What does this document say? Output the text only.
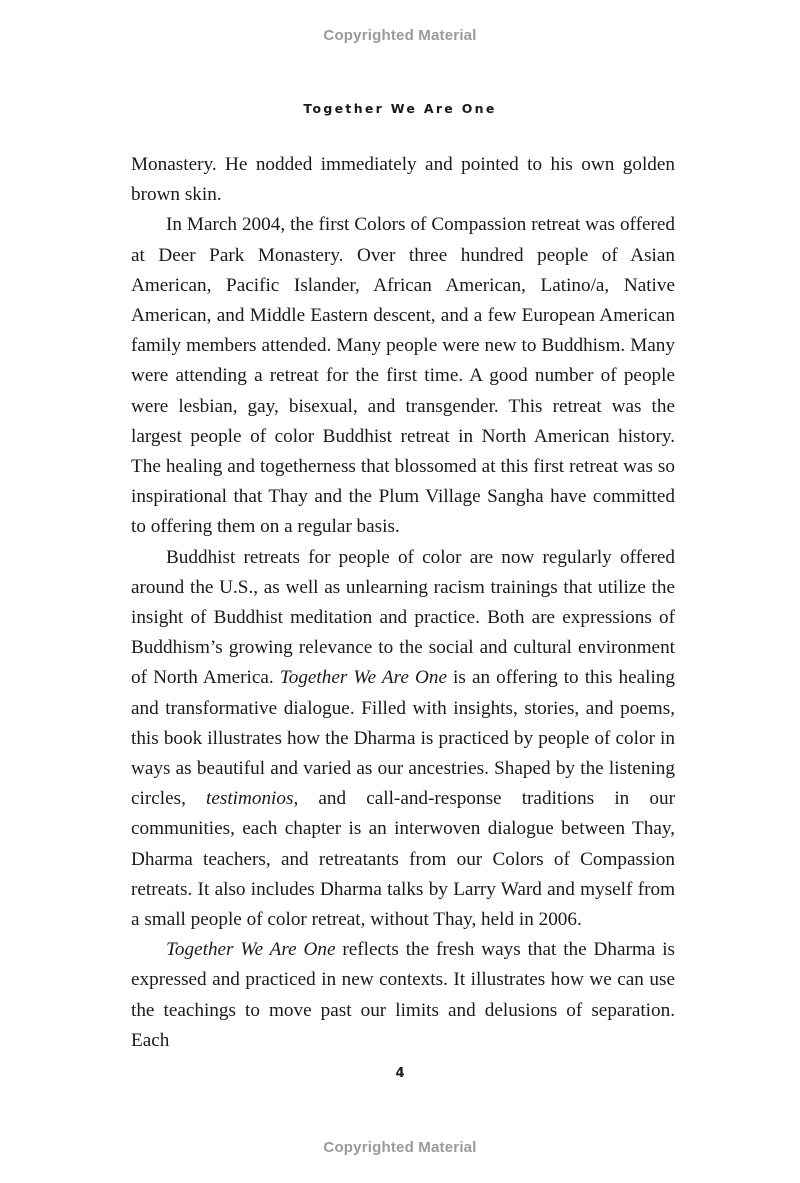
Copyrighted Material
Together We Are One

Monastery. He nodded immediately and pointed to his own golden brown skin.

In March 2004, the first Colors of Compassion retreat was offered at Deer Park Monastery. Over three hundred people of Asian American, Pacific Islander, African American, Latino/a, Native American, and Middle Eastern descent, and a few European American family members attended. Many people were new to Buddhism. Many were attending a retreat for the first time. A good number of people were lesbian, gay, bisexual, and transgender. This retreat was the largest people of color Buddhist retreat in North American history. The healing and togetherness that blossomed at this first retreat was so inspirational that Thay and the Plum Village Sangha have committed to offering them on a regular basis.

Buddhist retreats for people of color are now regularly offered around the U.S., as well as unlearning racism trainings that utilize the insight of Buddhist meditation and practice. Both are expressions of Buddhism’s growing relevance to the social and cultural environment of North America. Together We Are One is an offering to this healing and transformative dialogue. Filled with insights, stories, and poems, this book illustrates how the Dharma is practiced by people of color in ways as beautiful and varied as our ancestries. Shaped by the listening circles, testimonios, and call-and-response traditions in our communities, each chapter is an interwoven dialogue between Thay, Dharma teachers, and retreatants from our Colors of Compassion retreats. It also includes Dharma talks by Larry Ward and myself from a small people of color retreat, without Thay, held in 2006.

Together We Are One reflects the fresh ways that the Dharma is expressed and practiced in new contexts. It illustrates how we can use the teachings to move past our limits and delusions of separation. Each

4
Copyrighted Material
